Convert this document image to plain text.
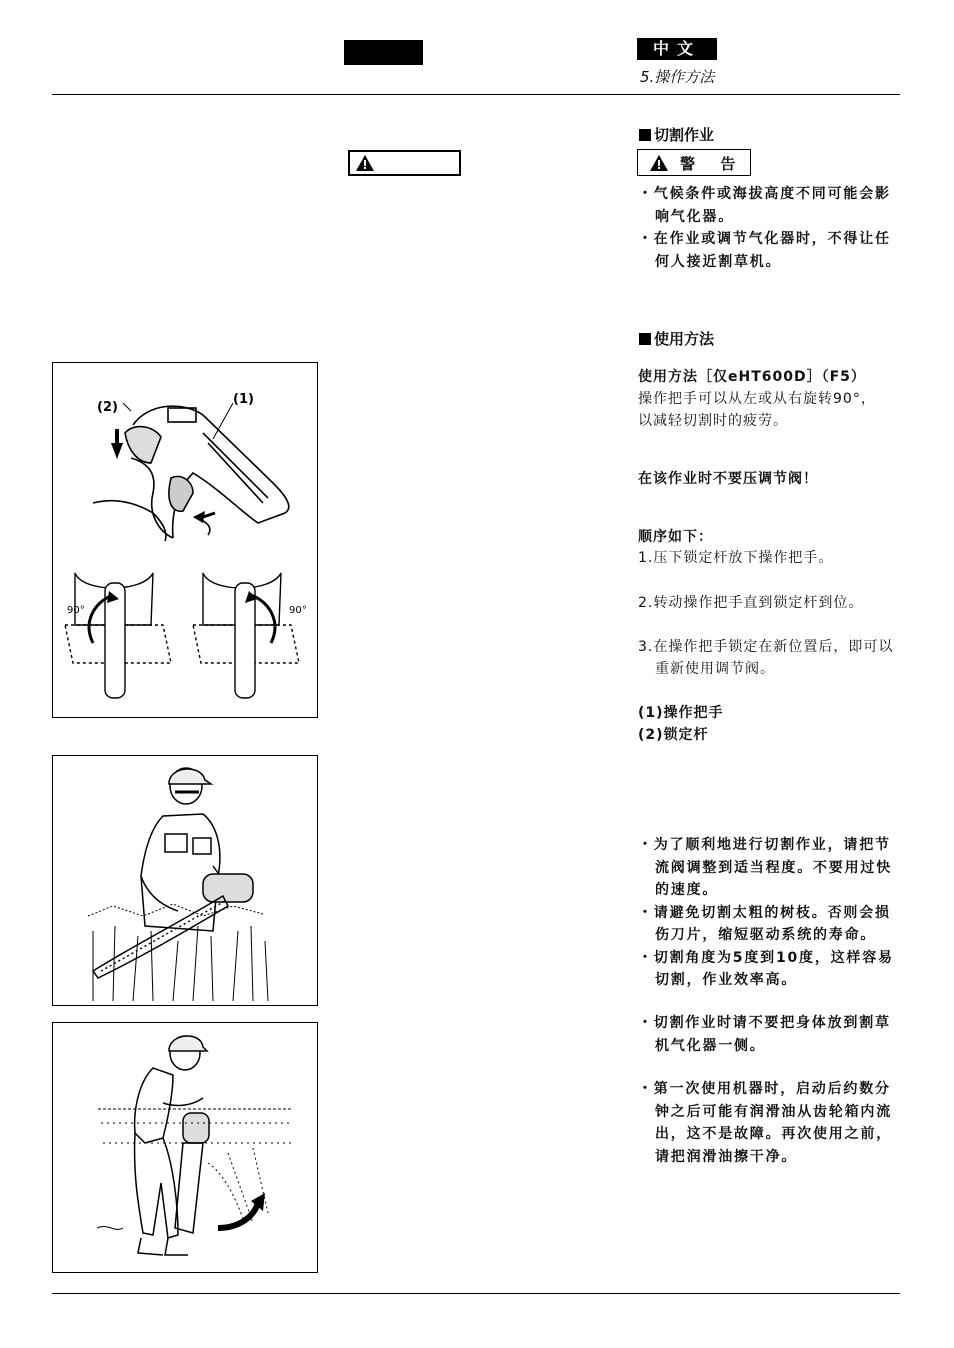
中文
5.操作方法
切割作业
警 告
・气候条件或海拔高度不同可能会影响气化器。
・在作业或调节气化器时，不得让任何人接近割草机。
使用方法
使用方法［仅eHT600D］（F5）
操作把手可以从左或从右旋转90°，
以减轻切割时的疲劳。
在该作业时不要压调节阀！
顺序如下：
1.压下锁定杆放下操作把手。
2.转动操作把手直到锁定杆到位。
3.在操作把手锁定在新位置后，即可以重新使用调节阀。
(1)操作把手
(2)锁定杆
・为了顺利地进行切割作业，请把节流阀调整到适当程度。不要用过快的速度。
・请避免切割太粗的树枝。否则会损伤刀片，缩短驱动系统的寿命。
・切割角度为5度到10度，这样容易切割，作业效率高。
・切割作业时请不要把身体放到割草机气化器一侧。
・第一次使用机器时，启动后约数分钟之后可能有润滑油从齿轮箱内流出，这不是故障。再次使用之前，请把润滑油擦干净。
(2)
(1)
90°	90°
